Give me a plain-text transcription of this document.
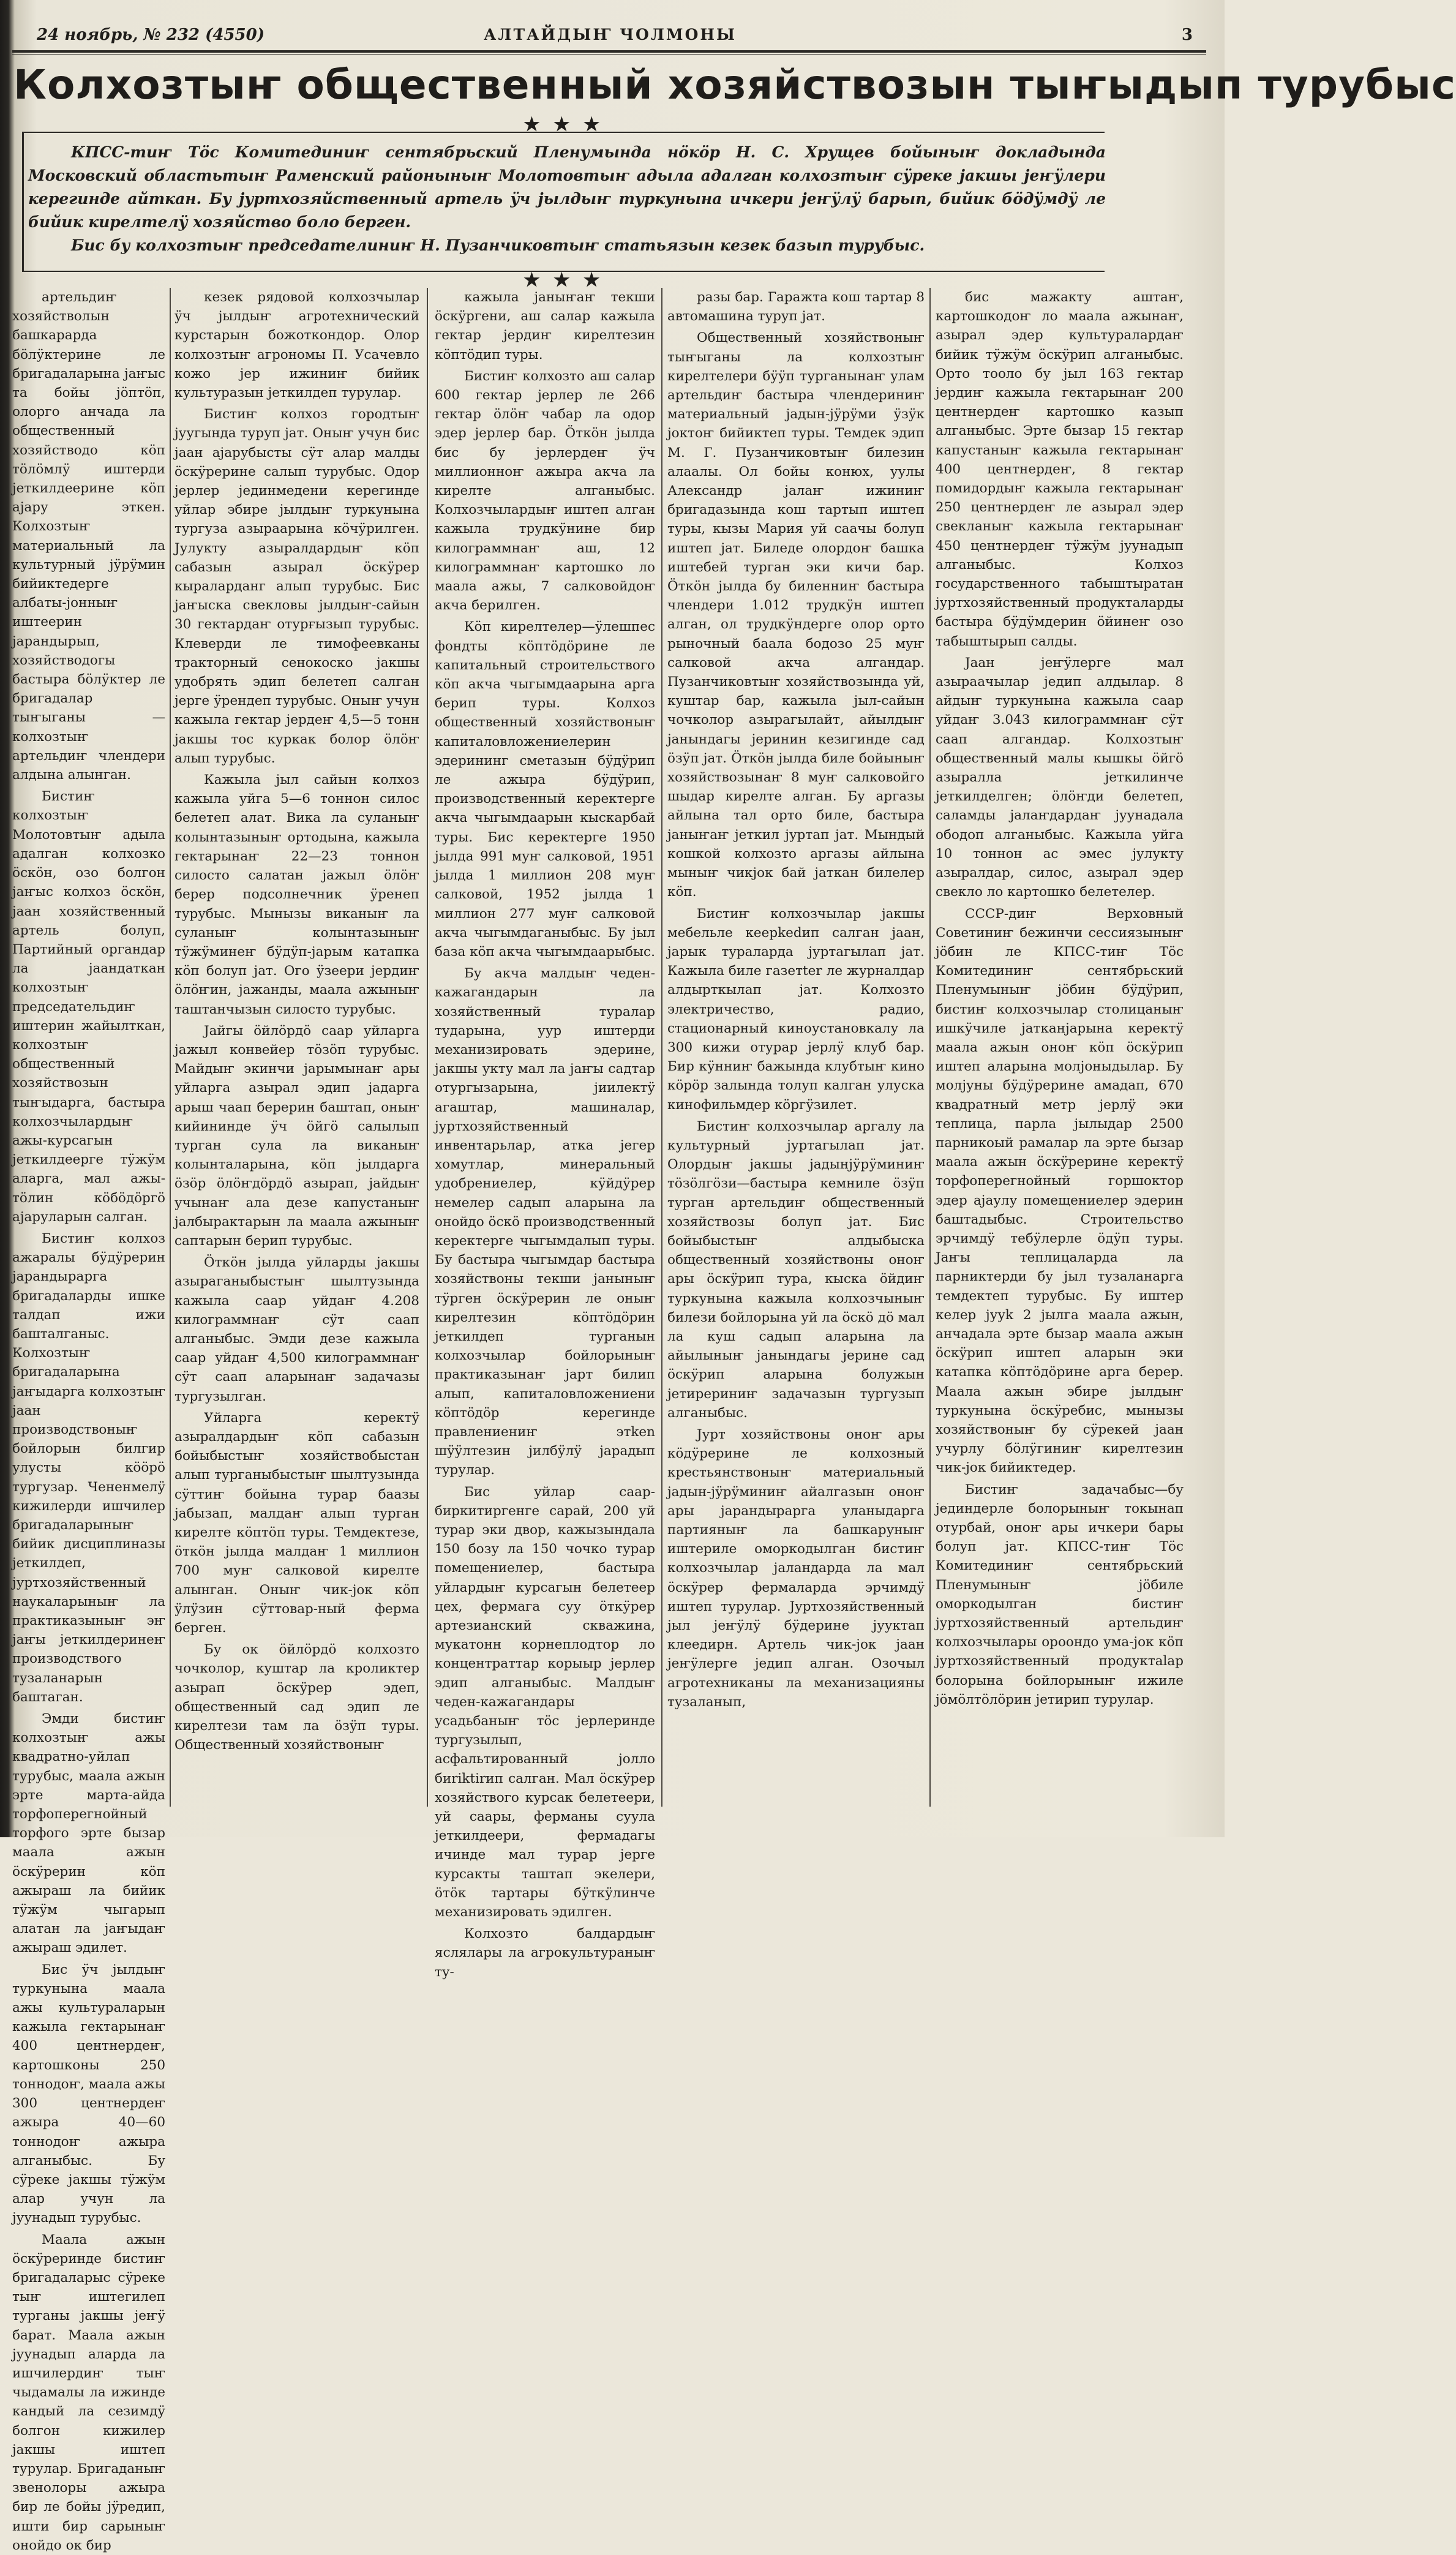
24 ноябрь, № 232 (4550)	АЛТАЙДЫҤ ЧОЛМОНЫ	3
Колхозтыҥ общественный хозяйствозын тыҥыдып турубыс
★★★

КПСС-тиҥ Тӧс Комитединиҥ сентябрьский Пленумында нӧкӧр Н. С. Хрущев бойыныҥ докладында Московский областьтыҥ Раменский районыныҥ Молотовтыҥ адыла адалган колхозтыҥ сӱреке јакшы јеҥӱлери керегинде айткан. Бу јуртхозяйственный артель ӱч јылдыҥ туркунына ичкери јеҥӱлӱ барып, бийик бӧдӱмдӱ ле бийик кирелтелӱ хозяйство боло берген.

Бис бу колхозтыҥ председателиниҥ Н. Пузанчиковтыҥ статьязын кезек базып турубыс.

★★★

артельдиҥ хозяйстволын башкарарда бӧлӱктерине ле бригадаларына јаҥыс та бойы јӧптӧп, олорго анчада ла общественный хозяйстводо кӧп тӧлӧмлӱ иштерди јеткилдеерине кӧп ајару эткен. Колхозтыҥ материальный ла культурный јӱрӱмин бийиктедерге албаты-јонныҥ иштеерин јарандырып, хозяйстводогы бастыра бӧлӱктер ле бригадалар тыҥыганы — колхозтыҥ артельдиҥ члендери алдына алынган.

Бистиҥ колхозтыҥ Молотовтыҥ адыла адалган колхозко ӧскӧн, озо болгон јаҥыс колхоз ӧскӧн, јаан хозяйственный артель болуп, Партийный органдар ла јаандаткан колхозтыҥ председательдиҥ иштерин жайылткан, колхозтыҥ общественный хозяйствозын тыҥыдарга, бастыра колхозчылардыҥ ажы-курсагын јеткилдеерге тӱжӱм аларга, мал ажы-тӧлин кӧбӧдӧргӧ ајаруларын салган.

Бистиҥ колхоз ажаралы бӱдӱрерин јарандырарга бригадаларды ишке талдап ижи башталганыс. Колхозтыҥ бригадаларына јаҥыдарга колхозтыҥ јаан производствоныҥ бойлорын билгир улусты кӧӧрӧ тургузар. Чененмелӱ кижилерди ишчилер бригадаларыныҥ бийик дисциплиназы јеткилдеп, јуртхозяйственный наукаларыныҥ ла практиказыныҥ эҥ јаҥы јеткилдеринеҥ производствого тузаланарын баштаган.

Эмди бистиҥ колхозтыҥ ажы квадратно-уйлап турубыс, маала ажын эрте марта-айда торфоперегнойный торфого эрте бызар маала ажын ӧскӱрерин кӧп ажыраш ла бийик тӱжӱм чыгарып алатан ла јаҥыдаҥ ажыраш эдилет.

Бис ӱч јылдыҥ туркунына маала ажы культураларын кажыла гектарынаҥ 400 центнердеҥ, картошконы 250 тоннодоҥ, маала ажы 300 центнердеҥ ажыра 40—60 тоннодоҥ ажыра алганыбыс. Бу сӱреке јакшы тӱжӱм алар учун ла јуунадып турубыс.

Маала ажын ӧскӱреринде бистиҥ бригадаларыс сӱреке тыҥ иштегилеп турганы јакшы јеҥӱ барат. Маала ажын јуунадып аларда ла ишчилердиҥ тыҥ чыдамалы ла ижинде кандый ла сезимдӱ болгон кижилер јакшы иштеп турулар. Бригаданыҥ звенолоры ажыра бир ле бойы јӱредип, ишти бир сарыныҥ онойдо ок бир

кезек рядовой колхозчылар ӱч јылдыҥ агротехнический курстарын божоткондор. Олор колхозтыҥ агрономы П. Усачевло кожо јер ижиниҥ бийик культуразын јеткилдеп турулар.

Бистиҥ колхоз городтыҥ јуугында туруп јат. Оныҥ учун бис јаан ајарубысты сӱт алар малды ӧскӱрерине салып турубыс. Одор јерлер јединмедени керегинде уйлар эбире јылдыҥ туркунына тургуза азыраарына кӧчӱрилген. Јулукту азыралдардыҥ кӧп сабазын азырал ӧскӱрер кыраларданг алып турубыс. Бис јаҥыска свекловы јылдыҥ-сайын 30 гектардаҥ отурғызып турубыс. Клеверди ле тимофеевканы тракторный сенокоско јакшы удобрять эдип белетеп салган јерге ӱрендеп турубыс. Оныҥ учун кажыла гектар јердеҥ 4,5—5 тонн јакшы тос куркак болор ӧлӧҥ алып турубыс.

Кажыла јыл сайын колхоз кажыла уйга 5—6 тоннон силос белетеп алат. Вика ла суланыҥ колынтазыныҥ ортодына, кажыла гектарынаҥ 22—23 тоннон силосто салатан јажыл ӧлӧҥ берер подсолнечник ӱренеп турубыс. Мынызы виканыҥ ла суланыҥ колынтазыныҥ тӱжӱминеҥ бӱдӱп-јарым катапка кӧп болуп јат. Ого ӱзеери јердиҥ ӧлӧҥин, јажанды, маала ажыныҥ таштанчызын силосто турубыс.

Јайгы ӧйлӧрдӧ саар уйларга јажыл конвейер тӧзӧп турубыс. Майдыҥ экинчи јарымынаҥ ары уйларга азырал эдип јадарга арыш чаап берерин баштап, оныҥ кийининде ӱч ӧйгӧ салылып турган сула ла виканыҥ колынталарына, кӧп јылдарга ӧзӧр ӧлӧҥдӧрдӧ азырап, јайдыҥ учынаҥ ала дезе капустаныҥ јалбырактарын ла маала ажыныҥ саптарын берип турубыс.

Ӧткӧн јылда уйларды јакшы азыраганыбыстыҥ шылтузында кажыла саар уйдаҥ 4.208 килограммнаҥ сӱт саап алганыбыс. Эмди дезе кажыла саар уйдаҥ 4,500 килограммнаҥ сӱт саап аларынаҥ задачазы тургузылган.

Уйларга керектӱ азыралдардыҥ кӧп сабазын бойыбыстыҥ хозяйствобыстан алып турганыбыстыҥ шылтузында сӱттиҥ бойына турар баазы јабызап, малдаҥ алып турган кирелте кӧптӧп туры. Темдектезе, ӧткӧн јылда малдаҥ 1 миллион 700 муҥ салковой кирелте алынган. Оныҥ чик-јок кӧп ӱлӱзин сӱттовар-ный ферма берген.

Бу ок ӧйлӧрдӧ колхозто чочколор, куштар ла кроликтер азырап ӧскӱрер эдеп, общественный сад эдип ле кирелтези там ла ӧзӱп туры. Общественный хозяйствоныҥ

кажыла јаныҥаҥ текши ӧскӱргени, аш салар кажыла гектар јердиҥ кирелтезин кӧптӧдип туры.

Бистиҥ колхозто аш салар 600 гектар јерлер ле 266 гектар ӧлӧҥ чабар ла одор эдер јерлер бар. Ӧткӧн јылда бис бу јерлердеҥ ӱч миллионноҥ ажыра акча ла кирелте алганыбыс. Колхозчылардыҥ иштеп алган кажыла трудкӱнине бир килограммнаҥ аш, 12 килограммнаҥ картошко ло маала ажы, 7 салковойдоҥ акча берилген.

Кӧп кирелтелер—ӱлешпес фондты кӧптӧдӧрине ле капитальный строительствого кӧп акча чыгымдаарына арга берип туры. Колхоз общественный хозяйствоныҥ капиталовложениелерин эдерининг сметазын бӱдӱрип ле ажыра бӱдӱрип, производственный керектерге акча чыгымдаарын кыскарбай туры. Бис керектерге 1950 јылда 991 муҥ салковой, 1951 јылда 1 миллион 208 муҥ салковой, 1952 јылда 1 миллион 277 муҥ салковой акча чыгымдаганыбыс. Бу јыл база кӧп акча чыгымдаарыбыс.

Бу акча малдыҥ чеден-кажагандарын ла хозяйственный туралар тударына, уур иштерди механизировать эдерине, јакшы укту мал ла јаҥы садтар отургызарына, јиилектӱ агаштар, машиналар, јуртхозяйственный инвентарьлар, атка јегер хомутлар, минеральный удобрениелер, кӱйдӱрер немелер садып аларына ла онойдо ӧскӧ производственный керектерге чыгымдалып туры. Бу бастыра чыгымдар бастыра хозяйствоны текши јаныныҥ тӱрген ӧскӱрерин ле оныҥ кирелтезин кӧптӧдӧрин јеткилдеп турганын колхозчылар бойлорыныҥ практиказынаҥ јарт билип алып, капиталовложениени кӧптӧдӧр керегинде правлениениҥ этken шӱӱлтезин јилбӱлӱ јарадып турулар.

Бис уйлар саар-биркитиргенге сарай, 200 уй турар эки двор, кажызындала 150 бозу ла 150 чочко турар помещениелер, бастыра уйлардыҥ курсагын белетеер цех, фермага суу ӧткӱрер артезианский скважина, мукатонн корнеплодтор ло концентраттар корыыр јерлер эдип алганыбыс. Малдыҥ чеден-кажагандары усадьбаныҥ тӧс јерлеринде тургузылып, асфальтированный јолло биriktirип салган. Мал ӧскӱрер хозяйствого курсак белетеери, уй саары, ферманы суула јеткилдеери, фермадагы ичинде мал турар јерге курсакты таштап экелери, ӧтӧк тартары бӱткӱлинче механизировать эдилген.

Колхозто балдардыҥ яслялары ла агрокультураныҥ ту-

разы бар. Гаражта кош тартар 8 автомашина туруп јат.

Общественный хозяйствоныҥ тыҥыганы ла колхозтыҥ кирелтелери бӱӱп турганынаҥ улам артельдиҥ бастыра члендериниҥ материальный јадын-јӱрӱми ӱзӱк јоктоҥ бийиктеп туры. Темдек эдип М. Г. Пузанчиковтыҥ билезин алаалы. Ол бойы конюх, уулы Александр јалаҥ ижиниҥ бригадазында кош тартып иштеп туры, кызы Мария уй саачы болуп иштеп јат. Биледе олордоҥ башка иштебей турган эки кичи бар. Ӧткӧн јылда бу биленниҥ бастыра члендери 1.012 трудкӱн иштеп алган, ол трудкӱндерге олор орто рыночный баала бодозо 25 муҥ салковой акча алгандар. Пузанчиковтыҥ хозяйствозында уй, куштар бар, кажыла јыл-сайын чочколор азырагылайт, айылдыҥ јанындагы јеринин кезигинде сад ӧзӱп јат. Ӧткӧн јылда биле бойыныҥ хозяйствозынаҥ 8 муҥ салковойго шыдар кирелте алган. Бу аргазы айлына тал орто биле, бастыра јаныҥаҥ јеткил јуртап јат. Мындый кошкой колхозто аргазы айлына мыныҥ чикјок бай јаткан билелер кӧп.

Бистиҥ колхозчылар јакшы мебельле кеерkedип салган јаан, јарык тураларда јуртагылап јат. Кажыла биле газетter ле журналдар алдырткылап јат. Колхозто электричество, радио, стационарный киноустановкалу ла 300 кижи отурар јерлӱ клуб бар. Бир кӱнниҥ бажында клубтыҥ кино кӧрӧр залында толуп калган улуска кинофильмдер кӧргӱзилет.

Бистиҥ колхозчылар аргалу ла культурный јуртагылап јат. Олордыҥ јакшы јадынјӱрӱминиҥ тӧзӧлгӧзи—бастыра кемниле ӧзӱп турган артельдиҥ общественный хозяйствозы болуп јат. Бис бойыбыстыҥ алдыбыска общественный хозяйствоны оноҥ ары ӧскӱрип тура, кыска ӧйдиҥ туркунына кажыла колхозчыныҥ билези бойлорына уй ла ӧскӧ дӧ мал ла куш садып аларына ла айылыныҥ јанындагы јерине сад ӧскӱрип аларына болужын јетирериниҥ задачазын тургузып алганыбыс.

Јурт хозяйствоны оноҥ ары кӧдӱрерине ле колхозный крестьянствоныҥ материальный јадын-јӱрӱминиҥ айалгазын оноҥ ары јарандырарга уланыдарга партияныҥ ла башкаруныҥ иштериле оморкодылган бистиҥ колхозчылар јаландарда ла мал ӧскӱрер фермаларда эрчимдӱ иштеп турулар. Јуртхозяйственный јыл јеҥӱлӱ бӱдерине јууктап клеедирн. Артель чик-јок јаан јеҥӱлерге једип алган. Озочыл агротехниканы ла механизацияны тузаланып,

бис мажакту аштаҥ, картошкодоҥ ло маала ажынаҥ, азырал эдер культуралардаҥ бийик тӱжӱм ӧскӱрип алганыбыс. Орто тооло бу јыл 163 гектар јердиҥ кажыла гектарынаҥ 200 центнердеҥ картошко казып алганыбыс. Эрте бызар 15 гектар капустаныҥ кажыла гектарынаҥ 400 центнердеҥ, 8 гектар помидордыҥ кажыла гектарынаҥ 250 центнердеҥ ле азырал эдер свекланыҥ кажыла гектарынаҥ 450 центнердеҥ тӱжӱм јуунадып алганыбыс. Колхоз государственного табыштыратан јуртхозяйственный продукталарды бастыра бӱдӱмдерин ӧйинеҥ озо табыштырып салды.

Јаан јеҥӱлерге мал азыраачылар једип алдылар. 8 айдыҥ туркунына кажыла саар уйдаҥ 3.043 килограммнаҥ сӱт саап алгандар. Колхозтыҥ общественный малы кышкы ӧйгӧ азыралла јеткилинче јеткилделген; ӧлӧҥди белетеп, саламды јалаҥдардаҥ јуунадала ободоп алганыбыс. Кажыла уйга 10 тоннон ас эмес јулукту азыралдар, силос, азырал эдер свекло ло картошко белетелер.

СССР-диҥ Верховный Советиниҥ бежинчи сессиязыныҥ јӧбин ле КПСС-тиҥ Тӧс Комитединиҥ сентябрьский Пленумыныҥ јӧбин бӱдӱрип, бистиҥ колхозчылар столицаныҥ ишкӱчиле јатканјарына керектӱ маала ажын оноҥ кӧп ӧскӱрип иштеп аларына молјоныдылар. Бу молјуны бӱдӱрерине амадап, 670 квадратный метр јерлӱ эки теплица, парла јылыдар 2500 парникоый рамалар ла эрте бызар маала ажын ӧскӱрерине керектӱ торфоперегнойный горшоктор эдер ајаулу помещениелер эдерин баштадыбыс. Строительство эрчимдӱ тебӱлерле ӧдӱп туры. Јаҥы теплицаларда ла парниктерди бу јыл тузаланарга темдектеп турубыс. Бу иштер келер јууk 2 јылга маала ажын, анчадала эрте бызар маала ажын ӧскӱрип иштеп аларын эки катапка кӧптӧдӧрине арга берер. Маала ажын эбире јылдыҥ туркунына ӧскӱребис, мынызы хозяйствоныҥ бу сӱрекей јаан учурлу бӧлӱгиниҥ кирелтезин чик-јок бийиктедер.

Бистиҥ задачабыс—бу јединдерле болорыныҥ токынап отурбай, оноҥ ары ичкери бары болуп јат. КПСС-тиҥ Тӧс Комитединиҥ сентябрьский Пленумыныҥ јӧбиле оморкодылган бистиҥ јуртхозяйственный артельдиҥ колхозчылары ороондо ума-јок кӧп јуртхозяйственный продуктаlар болорына бойлорыныҥ ижиле јӧмӧлтӧлӧрин јетирип турулар.
